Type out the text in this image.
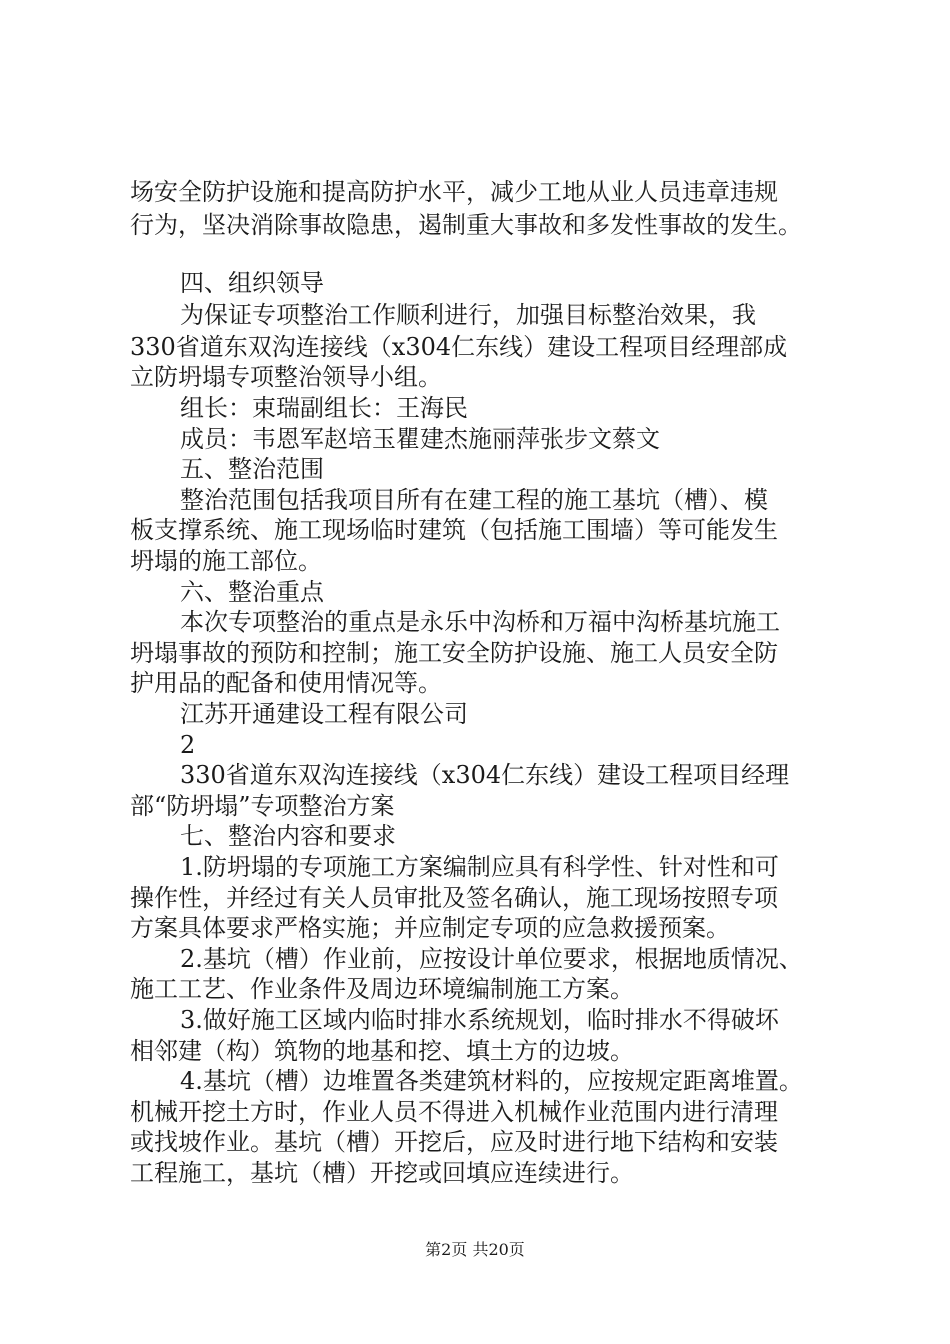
场安全防护设施和提高防护水平，减少工地从业人员违章违规
行为，坚决消除事故隐患，遏制重大事故和多发性事故的发生。
四、组织领导
为保证专项整治工作顺利进行，加强目标整治效果，我
330省道东双沟连接线（x304仁东线）建设工程项目经理部成
立防坍塌专项整治领导小组。
组长：束瑞副组长：王海民
成员：韦恩军赵培玉瞿建杰施丽萍张步文蔡文
五、整治范围
整治范围包括我项目所有在建工程的施工基坑（槽）、模
板支撑系统、施工现场临时建筑（包括施工围墙）等可能发生
坍塌的施工部位。
六、整治重点
本次专项整治的重点是永乐中沟桥和万福中沟桥基坑施工
坍塌事故的预防和控制；施工安全防护设施、施工人员安全防
护用品的配备和使用情况等。
江苏开通建设工程有限公司
2
330省道东双沟连接线（x304仁东线）建设工程项目经理
部“防坍塌”专项整治方案
七、整治内容和要求
1.防坍塌的专项施工方案编制应具有科学性、针对性和可
操作性，并经过有关人员审批及签名确认，施工现场按照专项
方案具体要求严格实施；并应制定专项的应急救援预案。
2.基坑（槽）作业前，应按设计单位要求，根据地质情况、
施工工艺、作业条件及周边环境编制施工方案。
3.做好施工区域内临时排水系统规划，临时排水不得破坏
相邻建（构）筑物的地基和挖、填土方的边坡。
4.基坑（槽）边堆置各类建筑材料的，应按规定距离堆置。
机械开挖土方时，作业人员不得进入机械作业范围内进行清理
或找坡作业。基坑（槽）开挖后，应及时进行地下结构和安装
工程施工，基坑（槽）开挖或回填应连续进行。
第2页 共20页
